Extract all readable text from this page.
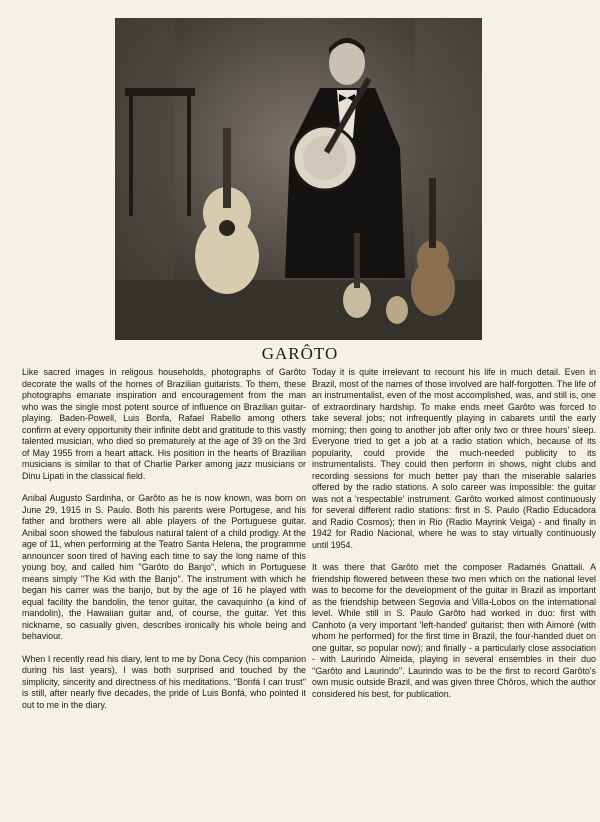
GARÔTO

Like sacred images in religous households, photographs of Garôto decorate the walls of the homes of Brazilian guitarists. To them, these photographs emanate inspiration and encouragement from the man who was the single most potent source of influence on Brazilian guitar-playing. Baden-Powell, Luis Bonfa, Rafael Rabello among others confirm at every opportunity their infinite debt and gratitude to this vastly talented musician, who died so prematurely at the age of 39 on the 3rd of May 1955 from a heart attack. His position in the hearts of Brazilian musicians is similar to that of Charlie Parker among jazz musicians or Dinu Lipati in the classical field.

Anibal Augusto Sardinha, or Garôto as he is now known, was born on June 29, 1915 in S. Paulo. Both his parents were Portugese, and his father and brothers were all able players of the Portuguese guitar. Anibal soon showed the fabulous natural talent of a child prodigy. At the age of 11, when performing at the Teatro Santa Helena, the programme announcer soon tired of having each time to say the long name of this young boy, and called him ''Garôto do Banjo'', which in Portuguese means simply ''The Kid with the Banjo''. The instrument with which he began his carrer was the banjo, but by the age of 16 he played with equal facility the bandolin, the tenor guitar, the cavaquinho (a kind of mandolin), the Hawaiian guitar and, of course, the guitar. Yet this nickname, so casually given, describes ironically his whole being and behaviour.

When I recently read his diary, lent to me by Dona Cecy (his companion during his last years), I was both surprised and touched by the simplicity, sincerity and directness of his meditations. ''Bonfá I can trust'' is still, after nearly five decades, the pride of Luis Bonfá, who pointed it out to me in the diary.

Today it is quite irrelevant to recount his life in much detail. Even in Brazil, most of the names of those involved are half-forgotten. The life of an instrumentalist, even of the most accomplished, was, and still is, one of extraordinary hardship. To make ends meet Garôto was forced to take several jobs; not infrequently playing in cabarets until the early morning; then going to another job after only two or three hours' sleep. Everyone tried to get a job at a radio station which, because of its popularity, could provide the much-needed publicity to its instrumentalists. They could then perform in shows, night clubs and recording sessions for much better pay than the miserable salaries offered by the radio stations. A solo career was impossible: the guitar was not a 'respectable' instrument. Garôto worked almost continuously for several different radio stations: first in S. Paulo (Radio Educadora and Radio Cosmos); then in Rio (Radio Mayrink Veiga) - and finally in 1942 for Radio Nacional, where he was to stay virtually continuously until 1954.

It was there that Garôto met the composer Radamés Gnattali. A friendship flowered between these two men which on the national level was to become for the development of the guitar in Brazil as important as the friendship between Segovia and Villa-Lobos on the international level. While still in S. Paulo Garôto had worked in duo: first with Canhoto (a very important 'left-handed' guitarist; then with Aimoré (with whom he performed) for the first time in Brazil, the four-handed duet on one guitar, so popular now); and finally - a particularly close association - with Laurindo Almeida, playing in several ensembles in their duo ''Garôto and Laurindo''. Laurindo was to be the first to record Garôto's own music outside Brazil, and was given three Chôros, which the author considered his best, for publication.
